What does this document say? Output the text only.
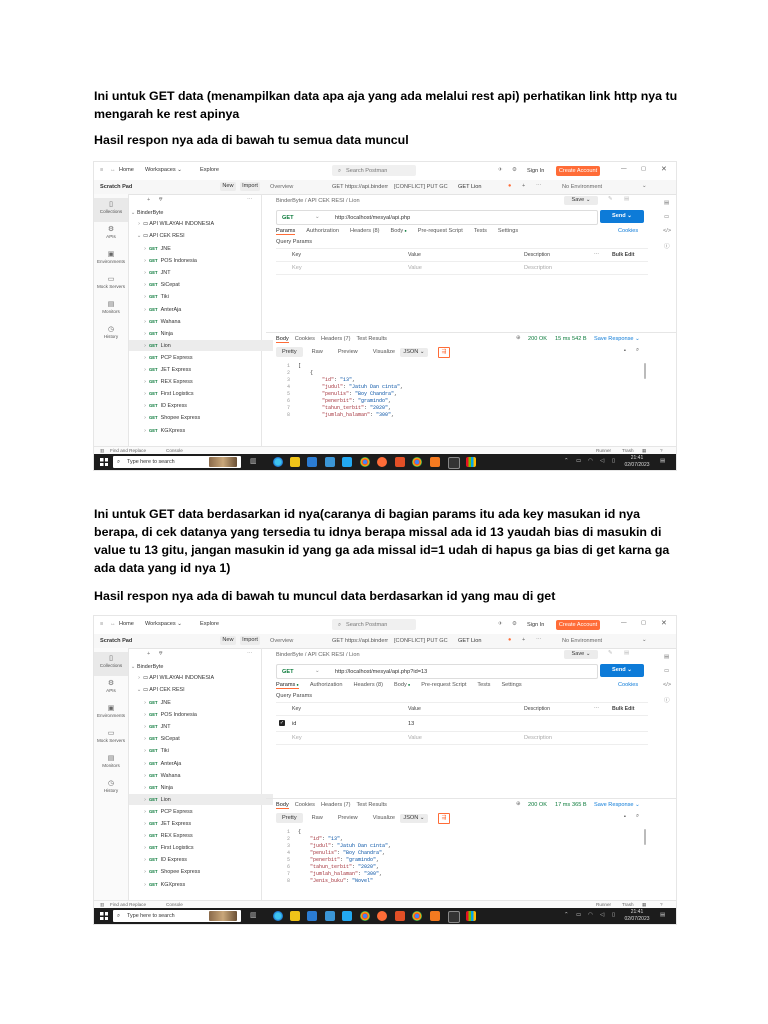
Ini untuk GET data (menampilkan data apa aja yang ada melalui rest api) perhatikan link http nya tu mengarah ke rest apinya
Hasil respon nya ada di bawah tu semua data muncul
Ini untuk GET data berdasarkan id nya(caranya di bagian params itu ada key masukan id nya berapa, di cek datanya yang tersedia tu idnya berapa missal ada id 13 yaudah bias di masukin di value tu 13 gitu, jangan masukin id yang ga ada missal id=1 udah di hapus ga bias di get karna ga ada data yang id nya 1)
Hasil respon nya ada di bawah tu muncul data berdasarkan id yang mau di get
≡ ↔ Home Workspaces ⌄	Explore	⌕ Search Postman	✈ ⚙ Sign In	Create Account	—	▢ ✕
Scratch Pad	New	Import	Overview	GET https://api.binderr [CONFLICT] PUT GC GET Lion	● + ⋯	No Environment	⌄
▯
Collections
⚙
APIs
▣
Environments
▭
Mock Servers
▤
Monitors
◷
History
+ ⩢	⋯
⌄ BinderByte
› ▭ API WILAYAH INDONESIA
⌄ ▭ API CEK RESI
› GET JNE
› GET POS Indonesia
› GET JNT
› GET SiCepat
› GET Tiki
› GET AnterAja
› GET Wahana
› GET Ninja
› GET Lion
› GET PCP Express
› GET JET Express
› GET REX Express
› GET First Logistics
› GET ID Express
› GET Shopee Express
› GET KGXpress
BinderByte / API CEK RESI / Lion	Save ⌄	✎ ▤
GET	⌄	http://localhost/mesyal/api.php	Send ⌄
Params Authorization Headers (8) Body ● Pre-request Script Tests Settings	Cookies
Query Params
Key	Value	Description	⋯ Bulk Edit
Key	Value	Description
Body Cookies Headers (7) Test Results	⊕ 200 OK 15 ms 542 B Save Response ⌄
Pretty	Raw	Preview	Visualize	JSON ⌄	⇶	▪ ⌕
1 [
2    {
3	"id": "13",
4	"judul": "Jatuh Dan cinta",
5	"penulis": "Boy Chandra",
6	"penerbit": "gramindo",
7	"tahun_terbit": "2020",
8	"jumlah_halaman": "300",
▥ Find and Replace	Console	Runner Trash ▦	?
▤
▭
</>
ⓘ
⌕ Type here to search	▥	⌃ ▭ ◠ ◁ ▯	21:41
02/07/2023
▤
≡ ↔ Home Workspaces ⌄	Explore	⌕ Search Postman	✈ ⚙ Sign In	Create Account	—	▢ ✕
Scratch Pad	New	Import	Overview	GET https://api.binderr [CONFLICT] PUT GC GET Lion	● + ⋯	No Environment	⌄
▯
Collections
⚙
APIs
▣
Environments
▭
Mock Servers
▤
Monitors
◷
History
+ ⩢	⋯
⌄ BinderByte
› ▭ API WILAYAH INDONESIA
⌄ ▭ API CEK RESI
› GET JNE
› GET POS Indonesia
› GET JNT
› GET SiCepat
› GET Tiki
› GET AnterAja
› GET Wahana
› GET Ninja
› GET Lion
› GET PCP Express
› GET JET Express
› GET REX Express
› GET First Logistics
› GET ID Express
› GET Shopee Express
› GET KGXpress
BinderByte / API CEK RESI / Lion	Save ⌄	✎ ▤
GET	⌄	http://localhost/mesyal/api.php?id=13	Send ⌄
Params ● Authorization Headers (8) Body ● Pre-request Script Tests Settings	Cookies
Query Params
Key	Value	Description	⋯ Bulk Edit
✓ id	13
Key	Value	Description
Body Cookies Headers (7) Test Results	⊕ 200 OK 17 ms 365 B Save Response ⌄
Pretty	Raw	Preview	Visualize	JSON ⌄	⇶	▪ ⌕
1 {
2	"id": "13",
3	"judul": "Jatuh Dan cinta",
4	"penulis": "Boy Chandra",
5	"penerbit": "gramindo",
6	"tahun_terbit": "2020",
7	"jumlah_halaman": "300",
8	"Jenis_buku": "Novel"
▥ Find and Replace	Console	Runner Trash ▦	?
▤
▭
</>
ⓘ
⌕ Type here to search	▥	⌃ ▭ ◠ ◁ ▯	21:41
02/07/2023
▤
